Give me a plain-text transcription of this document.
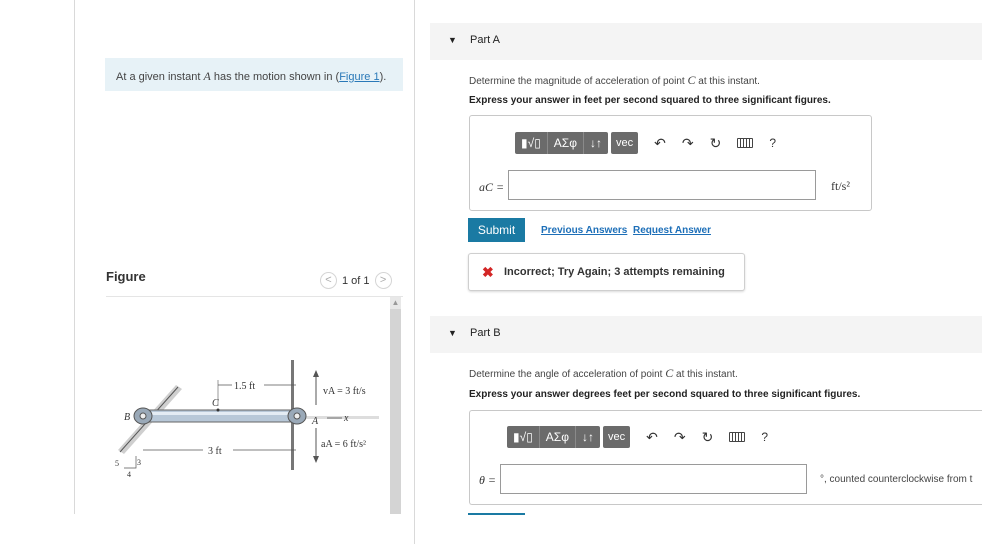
At a given instant A has the motion shown in (Figure 1).
Figure	< 1 of 1 >
▲
B
C
A
1.5 ft
3 ft
5 3
4
vA = 3 ft/s
x
aA = 6 ft/s²
▼ Part A
Determine the magnitude of acceleration of point C at this instant.
Express your answer in feet per second squared to three significant figures.
▮√▯	ΑΣφ	↓↑	vec	↶ ↷ ↻	?
aC =	ft/s²
Submit	Previous Answers Request Answer
✖ Incorrect; Try Again; 3 attempts remaining
▼ Part B
Determine the angle of acceleration of point C at this instant.
Express your answer degrees feet per second squared to three significant figures.
▮√▯	ΑΣφ	↓↑	vec	↶ ↷ ↻	?
θ =	°, counted counterclockwise from t
